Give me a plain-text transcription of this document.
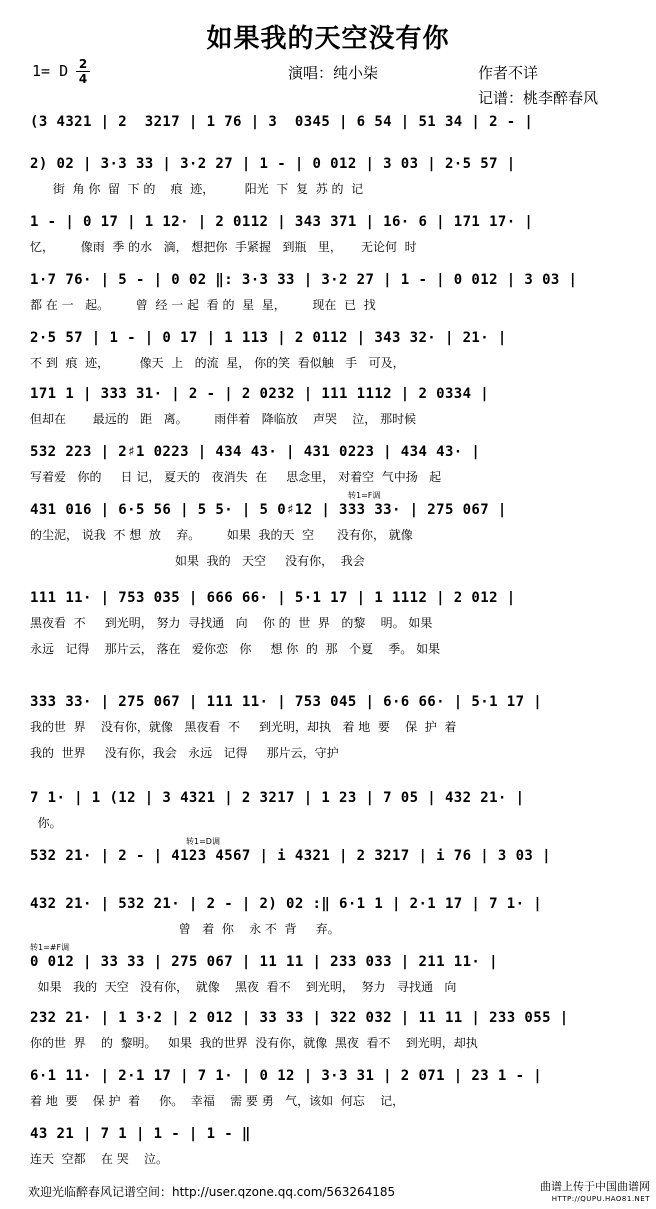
如果我的天空没有你
1= D 2
4	演唱：纯小柒	作者不详
记谱：桃李醉春风
(3 4321 | 2  3217 | 1 76 | 3  0345 | 6 54 | 51 34 | 2 - |
2) 02 | 3·3 33 | 3·2 27 | 1 - | 0 012 | 3 03 | 2·5 57 |
街  角 你  留  下 的    痕  迹，        阳光  下  复  苏 的  记
1 - | 0 17 | 1 12· | 2 0112 | 343 371 | 16· 6 | 171 17· |
忆，       像雨  季 的水   滴， 想把你  手紧握   到瓶   里，     无论何  时
1·7 76· | 5 - | 0 02 ‖: 3·3 33 | 3·2 27 | 1 - | 0 012 | 3 03 |
都 在 一   起。       曾  经 一 起  看 的  星  星，       现在  已  找
2·5 57 | 1 - | 0 17 | 1 113 | 2 0112 | 343 32· | 21· |
不 到  痕  迹，        像天  上   的流  星， 你的笑  看似触   手   可及，
171 1 | 333 31· | 2 - | 2 0232 | 111 1112 | 2 0334 |
但却在       最远的   距   离。       雨伴着   降临放    声哭    泣， 那时候
532 223 | 2♯1 0223 | 434 43· | 431 0223 | 434 43· |
写着爱   你的     日 记， 夏天的   夜消失  在     思念里， 对着空  气中扬   起
431 016 | 6·5 56 | 5 5· | 5 0♯12 | 333 33· | 275 067 |
的尘泥， 说我  不 想  放    弃。       如果  我的天  空      没有你， 就像
如果  我的   天空     没有你，  我会
转1=F调
111 11· | 753 035 | 666 66· | 5·1 17 | 1 1112 | 2 012 |
黑夜看  不     到光明， 努力  寻找通   向    你 的  世  界   的黎    明。 如果
永远   记得    那片云， 落在   爱你恋   你     想 你  的  那   个夏    季。 如果
333 33· | 275 067 | 111 11· | 753 045 | 6·6 66· | 5·1 17 |
我的世  界    没有你，就像   黑夜看  不     到光明，却执   着 地  要    保  护  着
我的  世界     没有你，我会   永远   记得     那片云，守护
7 1· | 1 (12 | 3 4321 | 2 3217 | 1 23 | 7 05 | 432 21· |
你。
532 21· | 2 - | 4123 4567 | i 4321 | 2 3217 | i 76 | 3 03 |
转1=D调
432 21· | 532 21· | 2 - | 2) 02 :‖ 6·1 1 | 2·1 17 | 7 1· |
曾   着  你    永 不  背     弃。
0 012 | 33 33 | 275 067 | 11 11 | 233 033 | 211 11· |
如果   我的  天空   没有你，  就像    黑夜  看不    到光明，  努力   寻找通   向
转1=#F调
232 21· | 1 3·2 | 2 012 | 33 33 | 322 032 | 11 11 | 233 055 |
你的世  界    的  黎明。   如果  我的世界  没有你，就像  黑夜  看不    到光明，却执
6·1 11· | 2·1 17 | 7 1· | 0 12 | 3·3 31 | 2 071 | 23 1 - |
着 地  要    保 护  着     你。  幸福    需 要 勇   气，该如  何忘    记，
43 21 | 7 1 | 1 - | 1 - ‖
连天  空都    在 哭    泣。
欢迎光临醉春风记谱空间：http://user.qzone.qq.com/563264185	曲谱上传于中国曲谱网
HTTP://QUPU.HAO81.NET
